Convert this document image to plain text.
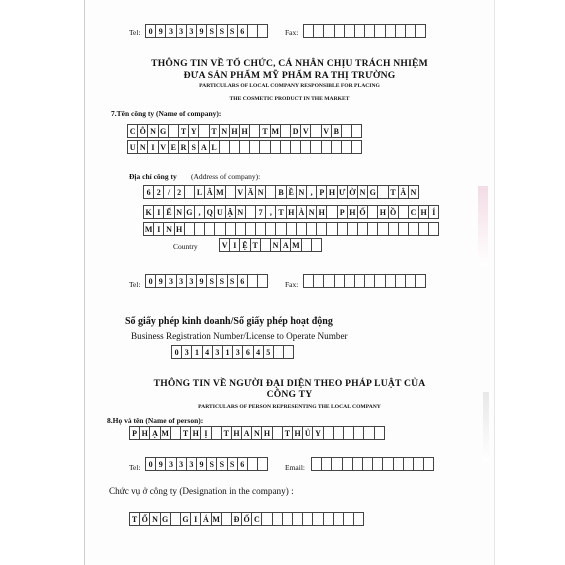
Tel:	0 9 3 3 3 9 S S S 6	Fax:
THÔNG TIN VỀ TỔ CHỨC, CÁ NHÂN CHỊU TRÁCH NHIỆM
ĐƯA SẢN PHẨM MỸ PHẨM RA THỊ TRƯỜNG
PARTICULARS OF LOCAL COMPANY RESPONSIBLE FOR PLACING
THE COSMETIC PRODUCT IN THE MARKET
7.Tên công ty (Name of company):
C Ô N G	T Y	T N H H	T M	D V	V B
U N I V E R S A L
Địa chỉ công ty (Address of company):
6 2 / 2	L Â M	V Ă N	B Ề N , P H Ư Ờ N G	T Â N
K I Ể N G , Q U Ậ N	7 , T H À N H	P H Ố	H Ồ	C H Í
M I N H
Country	V I Ệ T	N A M
Tel:	0 9 3 3 3 9 S S S 6	Fax:
Số giấy phép kinh doanh/Số giấy phép hoạt động
Business Registration Number/License to Operate Number
0 3 1 4 3 1 3 6 4 5
THÔNG TIN VỀ NGƯỜI ĐẠI DIỆN THEO PHÁP LUẬT CỦA
CÔNG TY
PARTICULARS OF PERSON REPRESENTING THE LOCAL COMPANY
8.Họ và tên (Name of person):
P H Ạ M	T H Ị	T H A N H	T H Ủ Y
Tel:	0 9 3 3 3 9 S S S 6	Email:
Chức vụ ở công ty (Designation in the company) :
T Ổ N G	G I Á M	Đ Ố C
